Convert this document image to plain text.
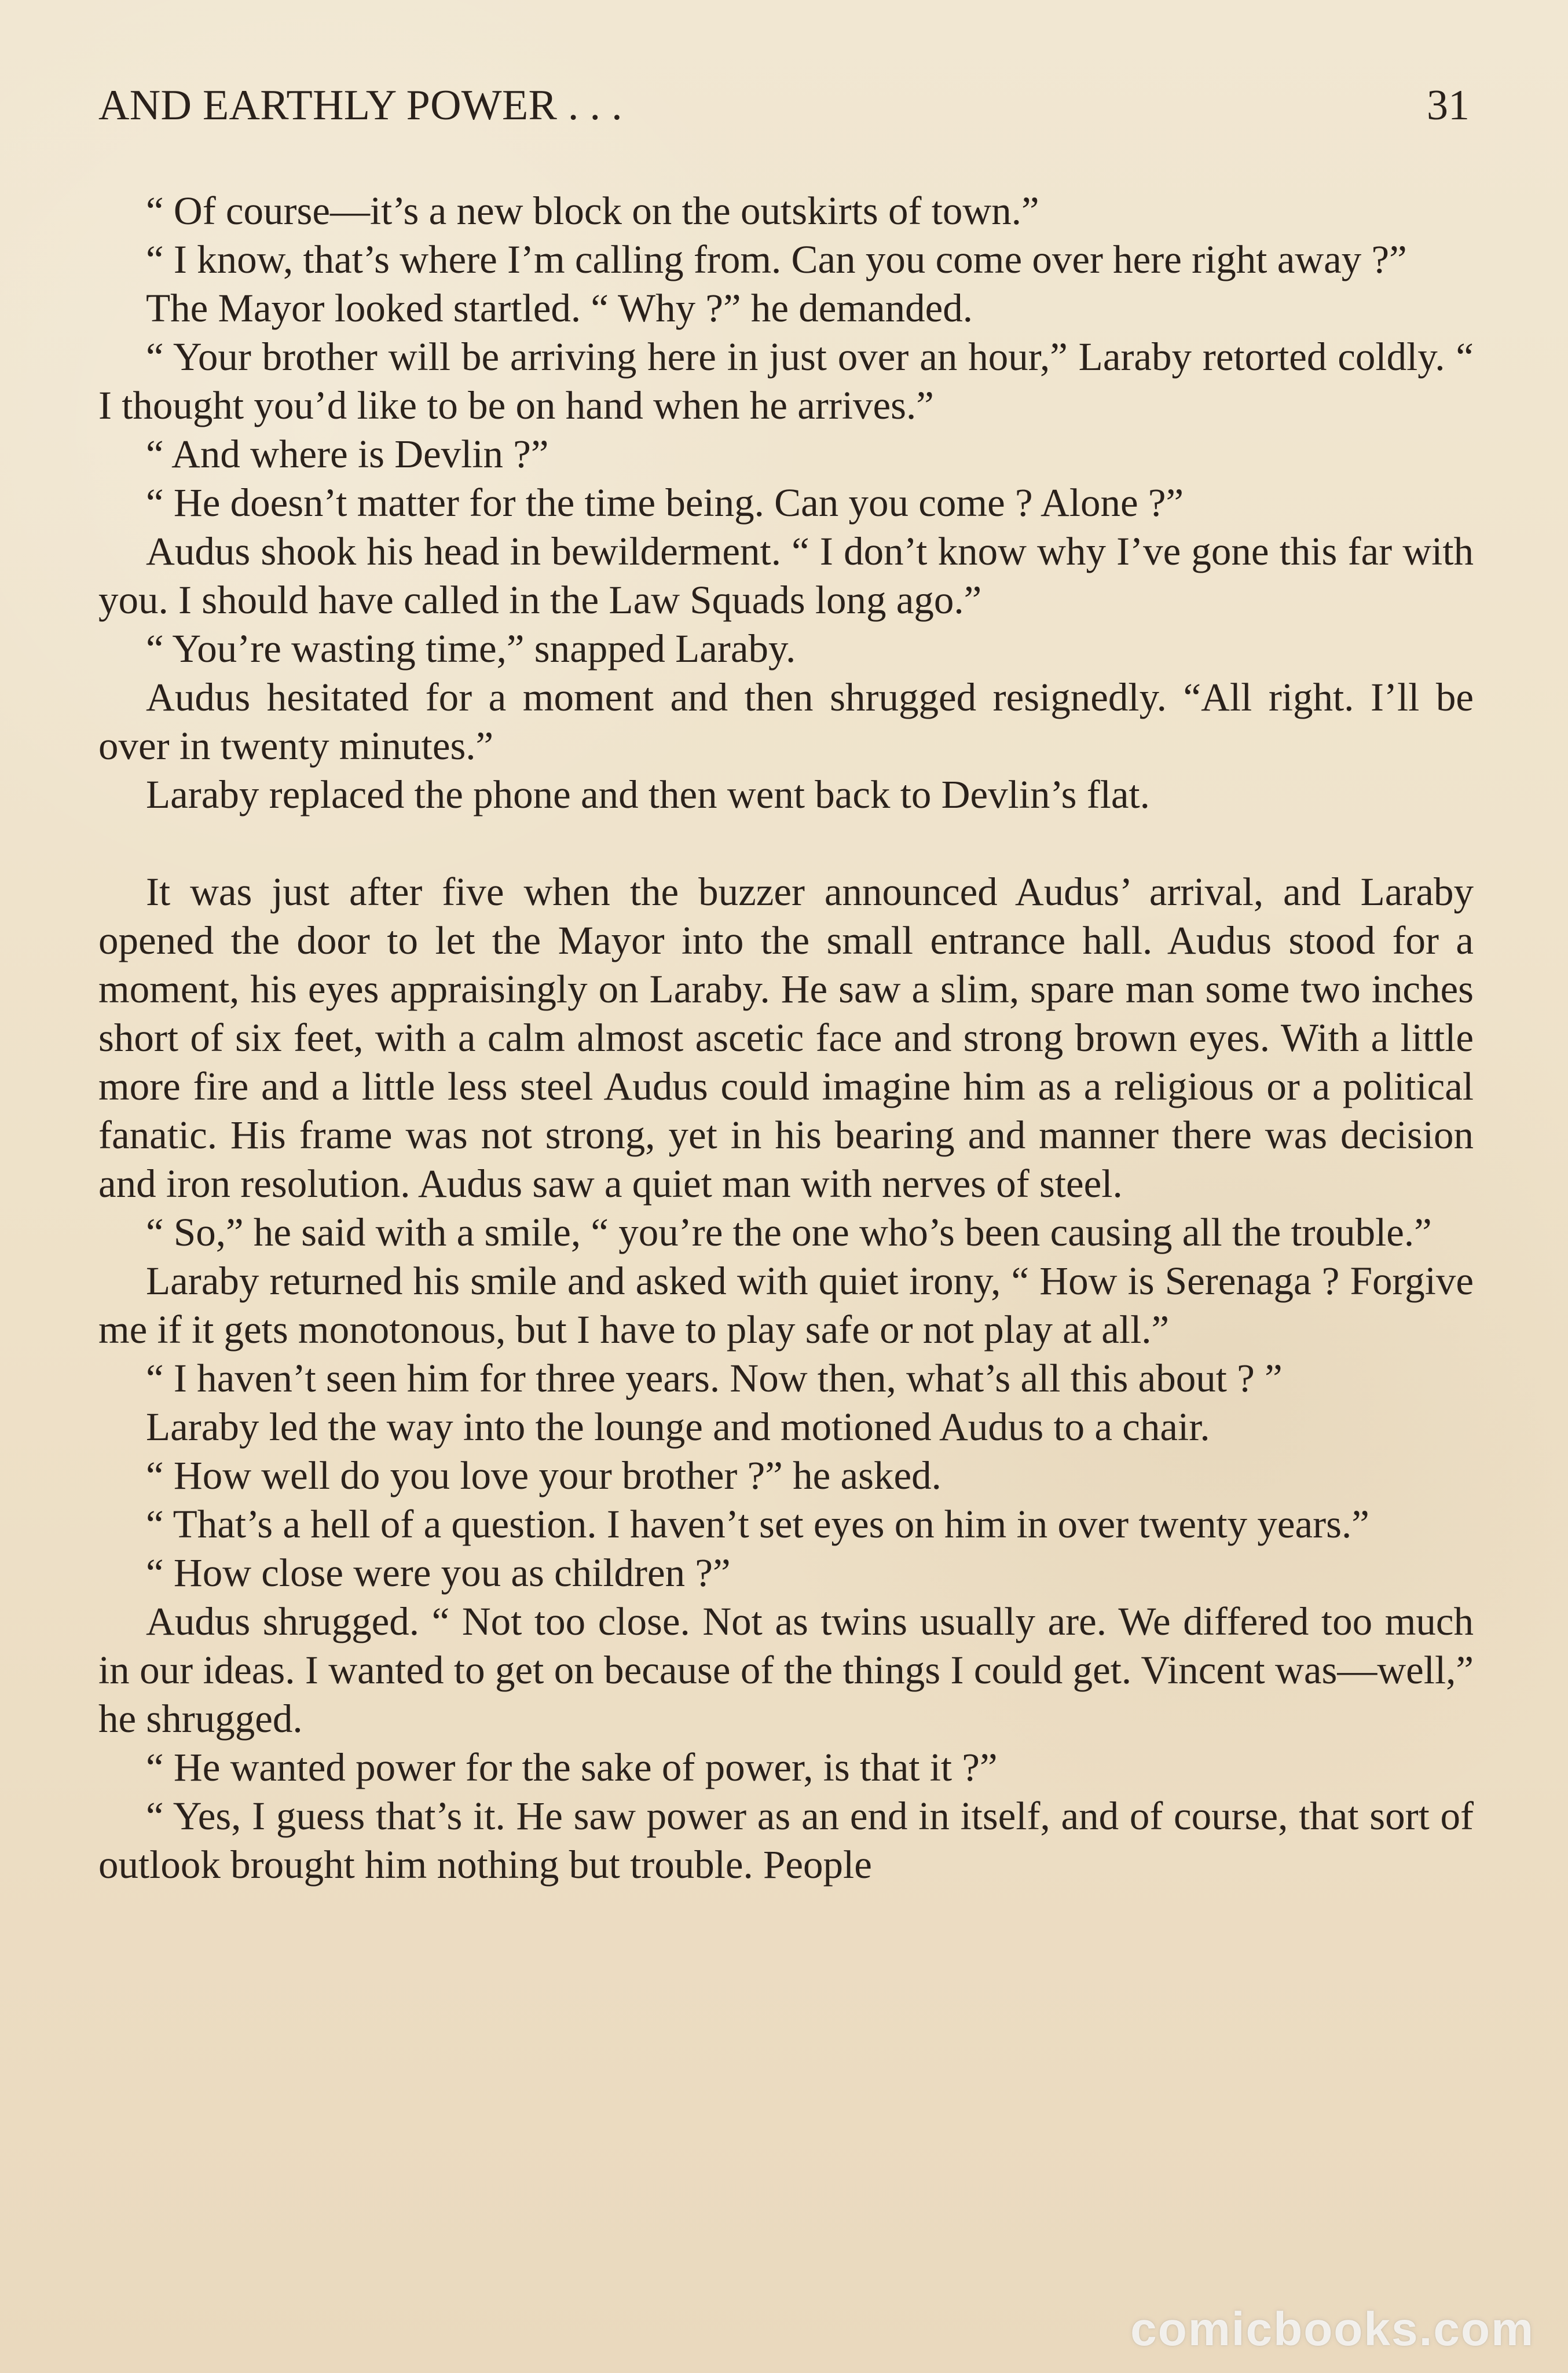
AND EARTHLY POWER . . .	31

“ Of course—it’s a new block on the outskirts of town.”

“ I know, that’s where I’m calling from. Can you come over here right away ?”

The Mayor looked startled. “ Why ?” he demanded.

“ Your brother will be arriving here in just over an hour,” Laraby retorted coldly. “ I thought you’d like to be on hand when he arrives.”

“ And where is Devlin ?”

“ He doesn’t matter for the time being. Can you come ? Alone ?”

Audus shook his head in bewilderment. “ I don’t know why I’ve gone this far with you. I should have called in the Law Squads long ago.”

“ You’re wasting time,” snapped Laraby.

Audus hesitated for a moment and then shrugged resignedly. “All right. I’ll be over in twenty minutes.”

Laraby replaced the phone and then went back to Devlin’s flat.

It was just after five when the buzzer announced Audus’ arrival, and Laraby opened the door to let the Mayor into the small entrance hall. Audus stood for a moment, his eyes appraisingly on Laraby. He saw a slim, spare man some two inches short of six feet, with a calm almost ascetic face and strong brown eyes. With a little more fire and a little less steel Audus could imagine him as a religious or a political fanatic. His frame was not strong, yet in his bearing and manner there was decision and iron resolution. Audus saw a quiet man with nerves of steel.

“ So,” he said with a smile, “ you’re the one who’s been causing all the trouble.”

Laraby returned his smile and asked with quiet irony, “ How is Serenaga ? Forgive me if it gets monotonous, but I have to play safe or not play at all.”

“ I haven’t seen him for three years. Now then, what’s all this about ? ”

Laraby led the way into the lounge and motioned Audus to a chair.

“ How well do you love your brother ?” he asked.

“ That’s a hell of a question. I haven’t set eyes on him in over twenty years.”

“ How close were you as children ?”

Audus shrugged. “ Not too close. Not as twins usually are. We differed too much in our ideas. I wanted to get on because of the things I could get. Vincent was—well,” he shrugged.

“ He wanted power for the sake of power, is that it ?”

“ Yes, I guess that’s it. He saw power as an end in itself, and of course, that sort of outlook brought him nothing but trouble. People

comicbooks.com
